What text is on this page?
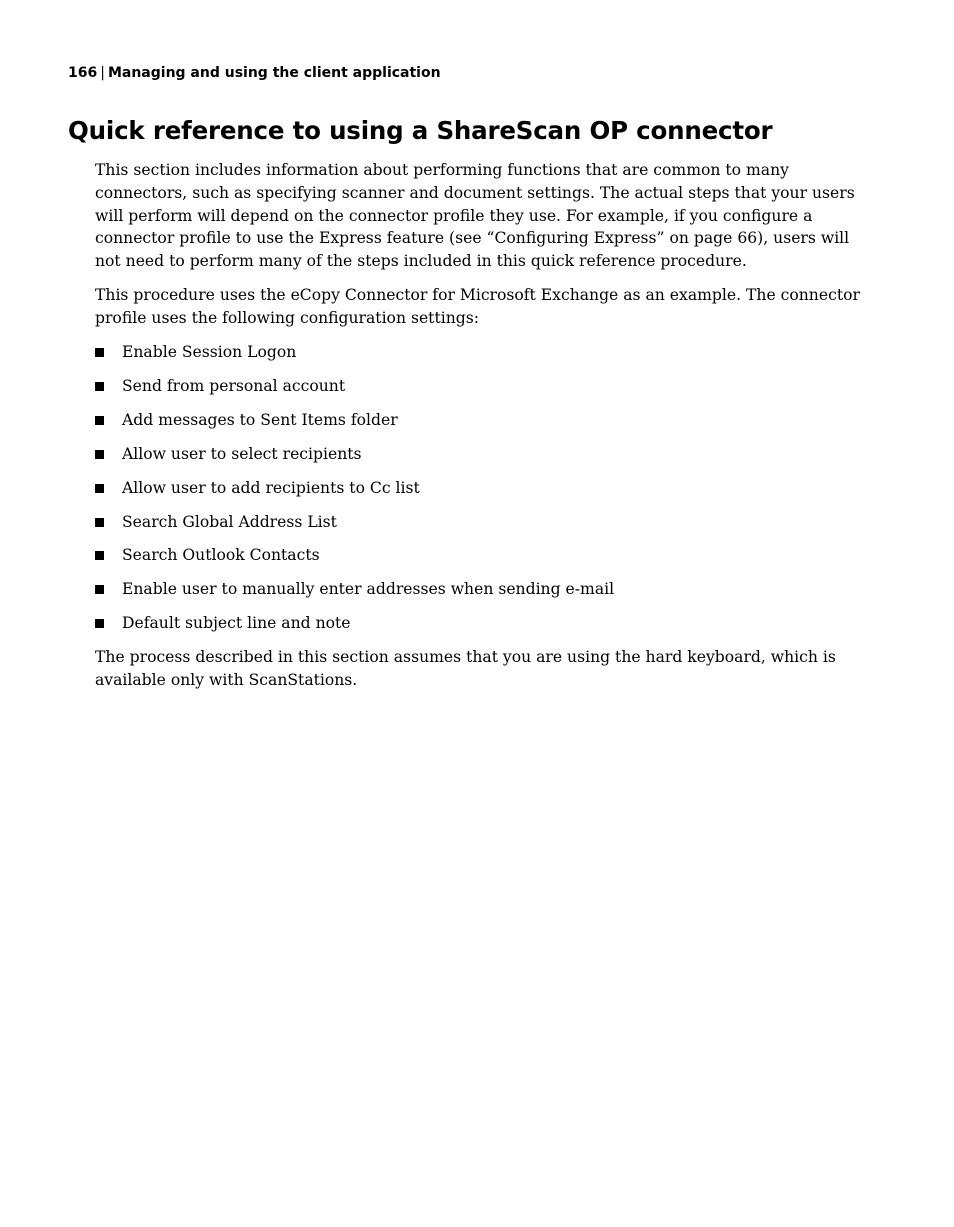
166 | Managing and using the client application
Quick reference to using a ShareScan OP connector

This section includes information about performing functions that are common to many connectors, such as specifying scanner and document settings. The actual steps that your users will perform will depend on the connector profile they use. For example, if you configure a connector profile to use the Express feature (see “Configuring Express” on page 66), users will not need to perform many of the steps included in this quick reference procedure.

This procedure uses the eCopy Connector for Microsoft Exchange as an example. The connector profile uses the following configuration settings:

Enable Session Logon
Send from personal account
Add messages to Sent Items folder
Allow user to select recipients
Allow user to add recipients to Cc list
Search Global Address List
Search Outlook Contacts
Enable user to manually enter addresses when sending e-mail
Default subject line and note

The process described in this section assumes that you are using the hard keyboard, which is available only with ScanStations.
